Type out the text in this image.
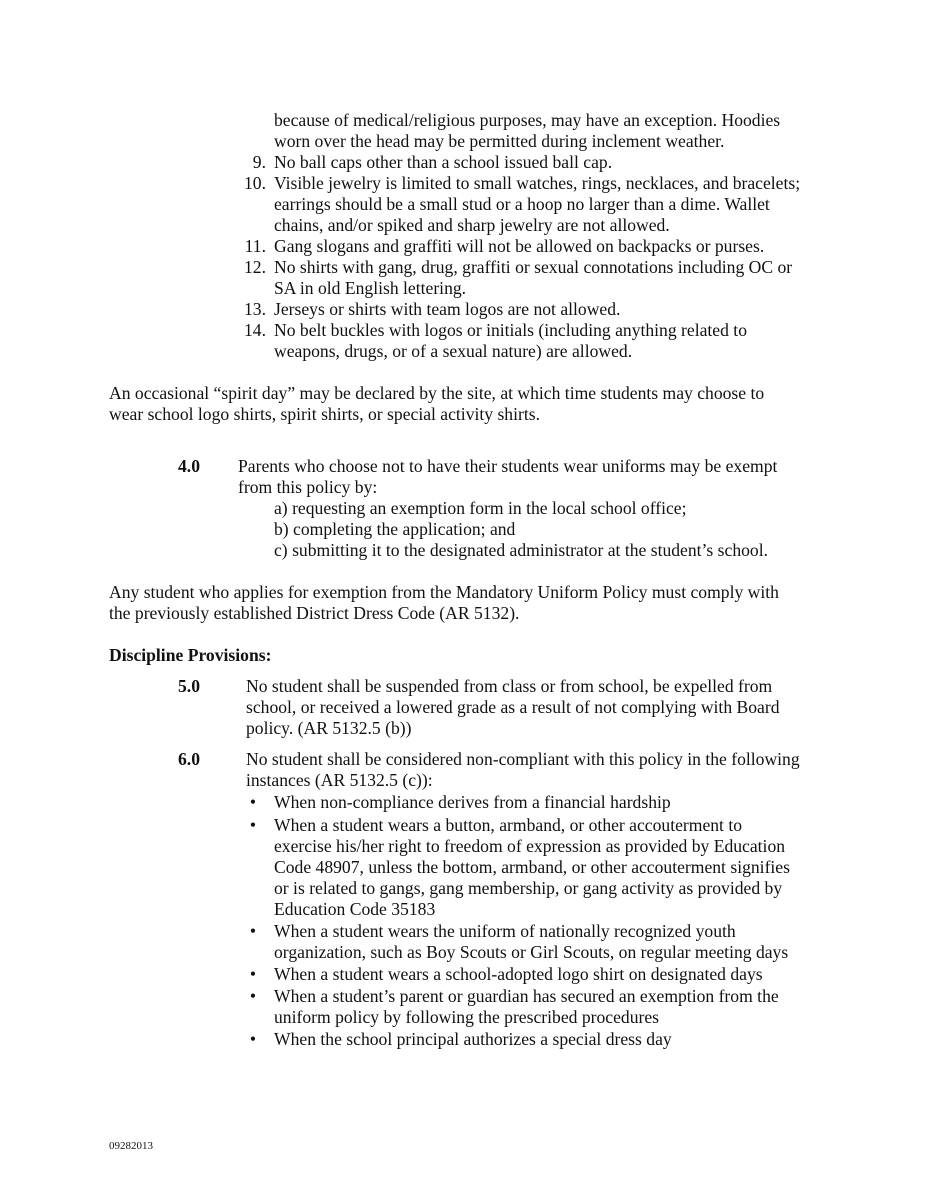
because of medical/religious purposes, may have an exception. Hoodies
worn over the head may be permitted during inclement weather.
9. No ball caps other than a school issued ball cap.
10. Visible jewelry is limited to small watches, rings, necklaces, and bracelets;
earrings should be a small stud or a hoop no larger than a dime. Wallet
chains, and/or spiked and sharp jewelry are not allowed.
11. Gang slogans and graffiti will not be allowed on backpacks or purses.
12. No shirts with gang, drug, graffiti or sexual connotations including OC or
SA in old English lettering.
13. Jerseys or shirts with team logos are not allowed.
14. No belt buckles with logos or initials (including anything related to
weapons, drugs, or of a sexual nature) are allowed.
An occasional “spirit day” may be declared by the site, at which time students may choose to
wear school logo shirts, spirit shirts, or special activity shirts.
4.0 Parents who choose not to have their students wear uniforms may be exempt
from this policy by:
a) requesting an exemption form in the local school office;
b) completing the application; and
c) submitting it to the designated administrator at the student’s school.
Any student who applies for exemption from the Mandatory Uniform Policy must comply with
the previously established District Dress Code (AR 5132).
Discipline Provisions:
5.0	No student shall be suspended from class or from school, be expelled from
school, or received a lowered grade as a result of not complying with Board
policy. (AR 5132.5 (b))
6.0	No student shall be considered non-compliant with this policy in the following
instances (AR 5132.5 (c)):
• When non-compliance derives from a financial hardship
• When a student wears a button, armband, or other accouterment to
exercise his/her right to freedom of expression as provided by Education
Code 48907, unless the bottom, armband, or other accouterment signifies
or is related to gangs, gang membership, or gang activity as provided by
Education Code 35183
• When a student wears the uniform of nationally recognized youth
organization, such as Boy Scouts or Girl Scouts, on regular meeting days
• When a student wears a school-adopted logo shirt on designated days
• When a student’s parent or guardian has secured an exemption from the
uniform policy by following the prescribed procedures
• When the school principal authorizes a special dress day
09282013
